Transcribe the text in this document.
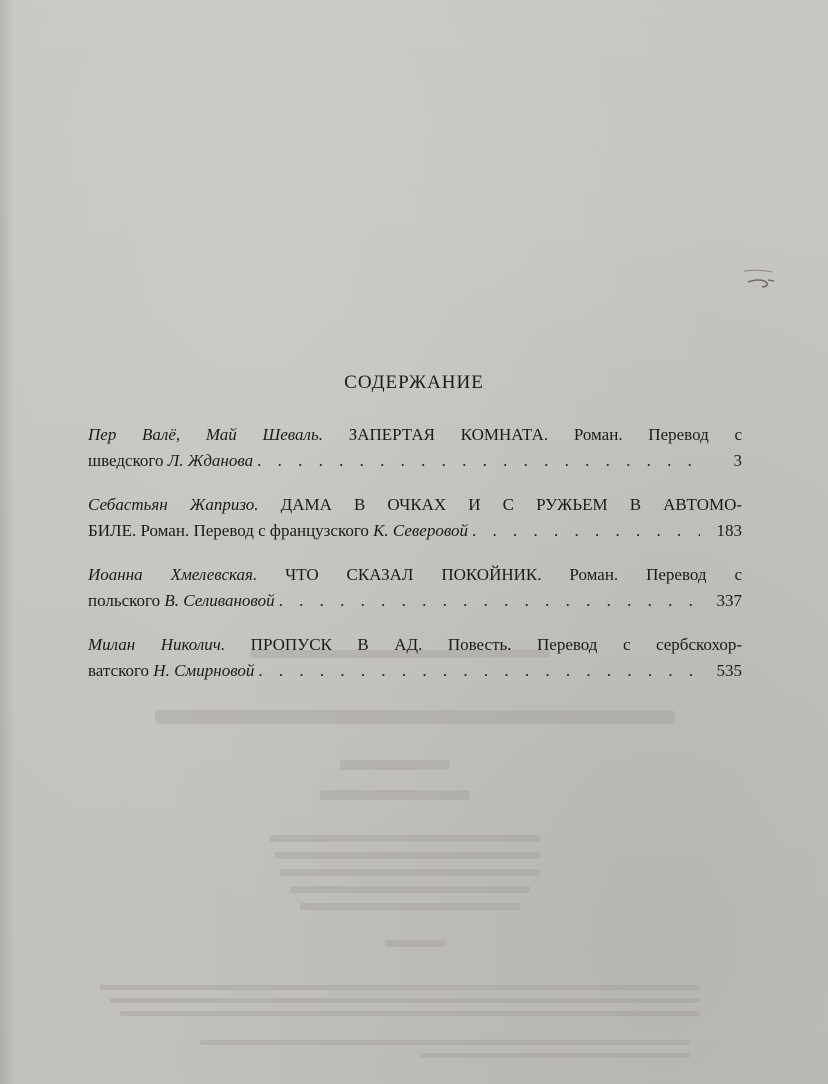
СОДЕРЖАНИЕ
Пер Валё, Май Шеваль. ЗАПЕРТАЯ КОМНАТА. Роман. Перевод с
шведского
Л. Жданова . . .	3
Себастьян Жапризо. ДАМА В ОЧКАХ И С РУЖЬЕМ В АВТОМО-
БИЛЕ. Роман. Перевод с французского
К. Северовой . . .	183
Иоанна Хмелевская. ЧТО СКАЗАЛ ПОКОЙНИК. Роман. Перевод с
польского
В. Селивановой . . .	337
Милан Николич. ПРОПУСК В АД. Повесть. Перевод с сербскохор-
ватского
Н. Смирновой . . .	535
